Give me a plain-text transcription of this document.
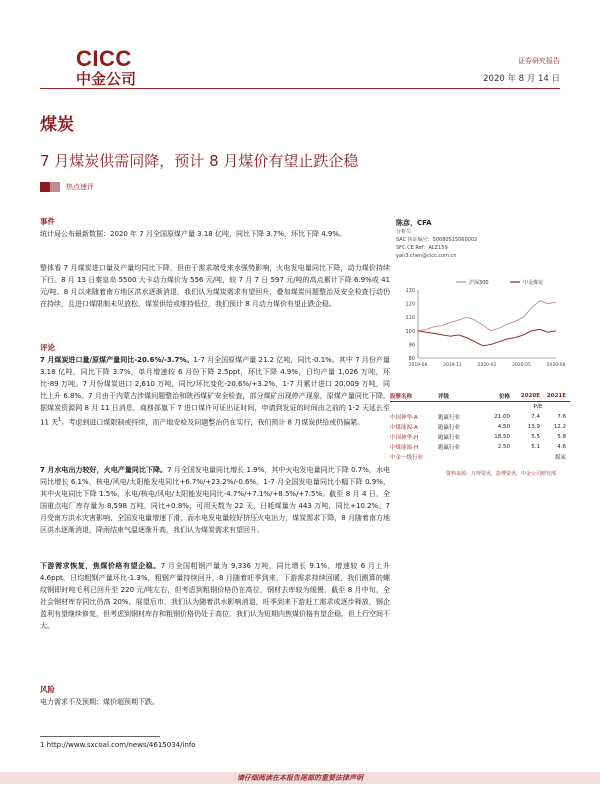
CICC
中金公司
证券研究报告
2020 年 8 月 14 日
煤炭
7 月煤炭供需同降，预计 8 月煤价有望止跌企稳
热点速评
事件
统计局公布最新数据：2020 年 7 月全国原煤产量 3.18 亿吨，同比下降 3.7%，环比下降 4.9%。
整体看 7 月煤炭进口量及产量均同比下降，但由于需求端受来水强势影响，火电发电量同比下降，动力煤价持续下行。8 月 13 日秦皇岛 5500 大卡动力煤价为 556 元/吨，较 7 月 7 日 597 元/吨的高点累计下降 6.9%或 41 元/吨。8 月以来随着南方地区洪水逐渐消退，我们认为煤炭需求有望回升，叠加煤炭问题整治及安全检查行动仍在持续，且进口煤限制未见放松，煤炭供给或维持低位，我们预计 8 月动力煤价有望止跌企稳。
评论
7 月煤炭进口量/原煤产量同比-20.6%/-3.7%。1-7 月全国原煤产量 21.2 亿吨，同比-0.1%。其中 7 月份产量 3.18 亿吨，同比下降 3.7%，单月增速较 6 月份下降 2.5ppt，环比下降 4.9%，日均产量 1,026 万吨，环比-89 万吨。7 月份煤炭进口 2,610 万吨，同比/环比变化-20.6%/+3.2%，1-7 月累计进口 20,009 万吨，同比上升 6.8%。7 月由于内蒙古涉煤问题整治和陕西煤矿安全检查，部分煤矿出现停产现象，原煤产量同比下降。据煤炭资源网 8 月 11 日消息，商務部旗下 7 进口煤许可证出证时间，申请到发证的时间由之前的 1-2 天延长至 11 天$^1$。考虑到进口煤限制或持续，而产地安检及问题整治仍在实行，我们预计 8 月煤炭供给或仍偏紧。
7 月水电出力较好，火电产量同比下降。7 月全国发电量同比增长 1.9%，其中火电发电量同比下降 0.7%，水电同比增长 6.1%，核电/风电/太阳能发电同比+6.7%/+23.2%/-0.6%。1-7 月全国发电量同比小幅下降 0.9%，其中火电同比下降 1.5%，水电/核电/风电/太阳能发电同比-4.7%/+7.1%/+8.5%/+7.5%。截至 8 月 4 日，全国重点电厂库存量为 8,598 万吨，同比+0.8%，可用天数为 22 天，日耗煤量为 443 万吨，同比+10.2%。7 月受南方洪水灾害影响，全国发电量增速下滑，而水电发电量较好挤压火电出力，煤炭需求下降，8 月随着南方地区洪水逐渐消退，降雨结束气温逐渐升高，我们认为煤炭需求有望回升。
下游需求恢复，焦煤价格有望企稳。7 月全国粗钢产量为 9,336 万吨，同比增长 9.1%，增速较 6 月上升 4.6ppt，日均粗钢产量环比-1.3%，粗钢产量持续回升，8 月随着旺季到来，下游需求持续回暖，我们测算的螺纹钢即时吨毛利已回升至 220 元/吨左右，但考虑到粗钢价格仍在高位，钢材去库较为缓慢，截至 8 月中旬，全社会钢材库存同比仍高 20%，展望后市，我们认为随着洪水影响消退，旺季到来下游赶工需求或逐步释放，钢企盈利有望继续修复，但考虑到钢材库存和粗钢价格仍处于高位，我们认为短期内焦煤价格有望企稳，但上行空间不大。
风险
电力需求不及预期；煤价超预期下跌。
陈彦，CFA
分析员
SAC 执证编号：S0080515060002
SFC CE Ref：ALZ159
yan3.chen@cicc.com.cn
80
90
100
110
120
130
2019-08	2019-11	2020-02	2020-05	2020-08
沪深300	中金煤炭
股票名称	评级	价格	2020E	2021E
P/E
中国神华-A	跑赢行业	21.00	7.4	7.6
中煤能源-A	跑赢行业	4.50	13.9	12.2
中国神华-H	跑赢行业	18.50	5.5	5.8
中煤能源-H	跑赢行业	2.50	5.1	4.6
中金一级行业	煤炭
资料来源：万得资讯，彭博资讯，中金公司研究部
1 http://www.sxcoal.com/news/4615034/info
请仔细阅读在本报告尾部的重要法律声明
